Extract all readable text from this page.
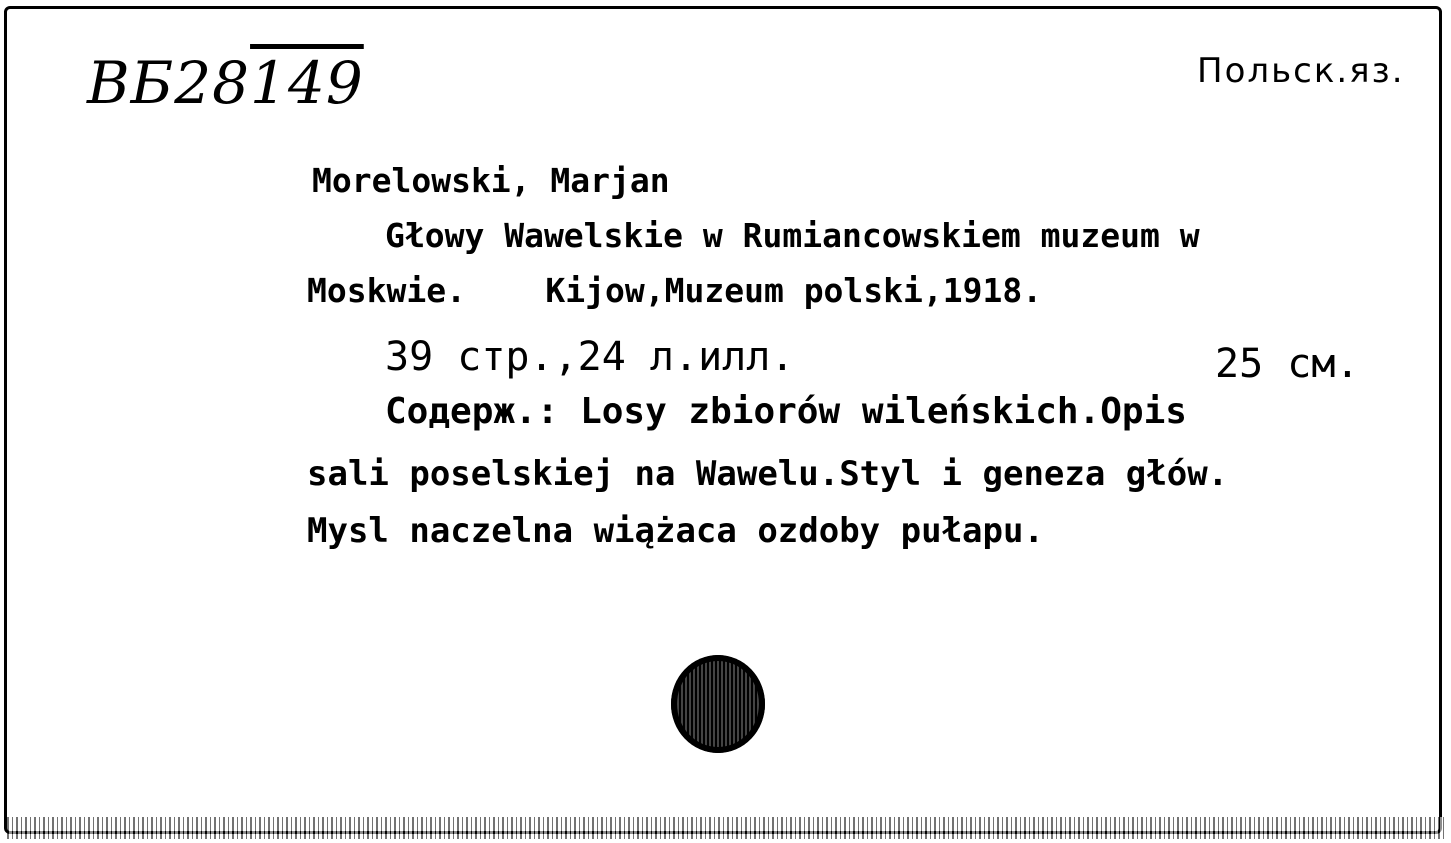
ВБ28149	Польск.яз.
Morelowski, Marjan
Głowy Wawelskie w Rumiancowskiem muzeum w
Moskwie.    Kijow,Muzeum polski,1918.
39 стр.,24 л.илл.	25 см.
Содерж.: Losy zbiorów wileńskich.Opis
sali poselskiej na Wawelu.Styl i geneza głów.
Mysl naczelna wiążaca ozdoby pułapu.
